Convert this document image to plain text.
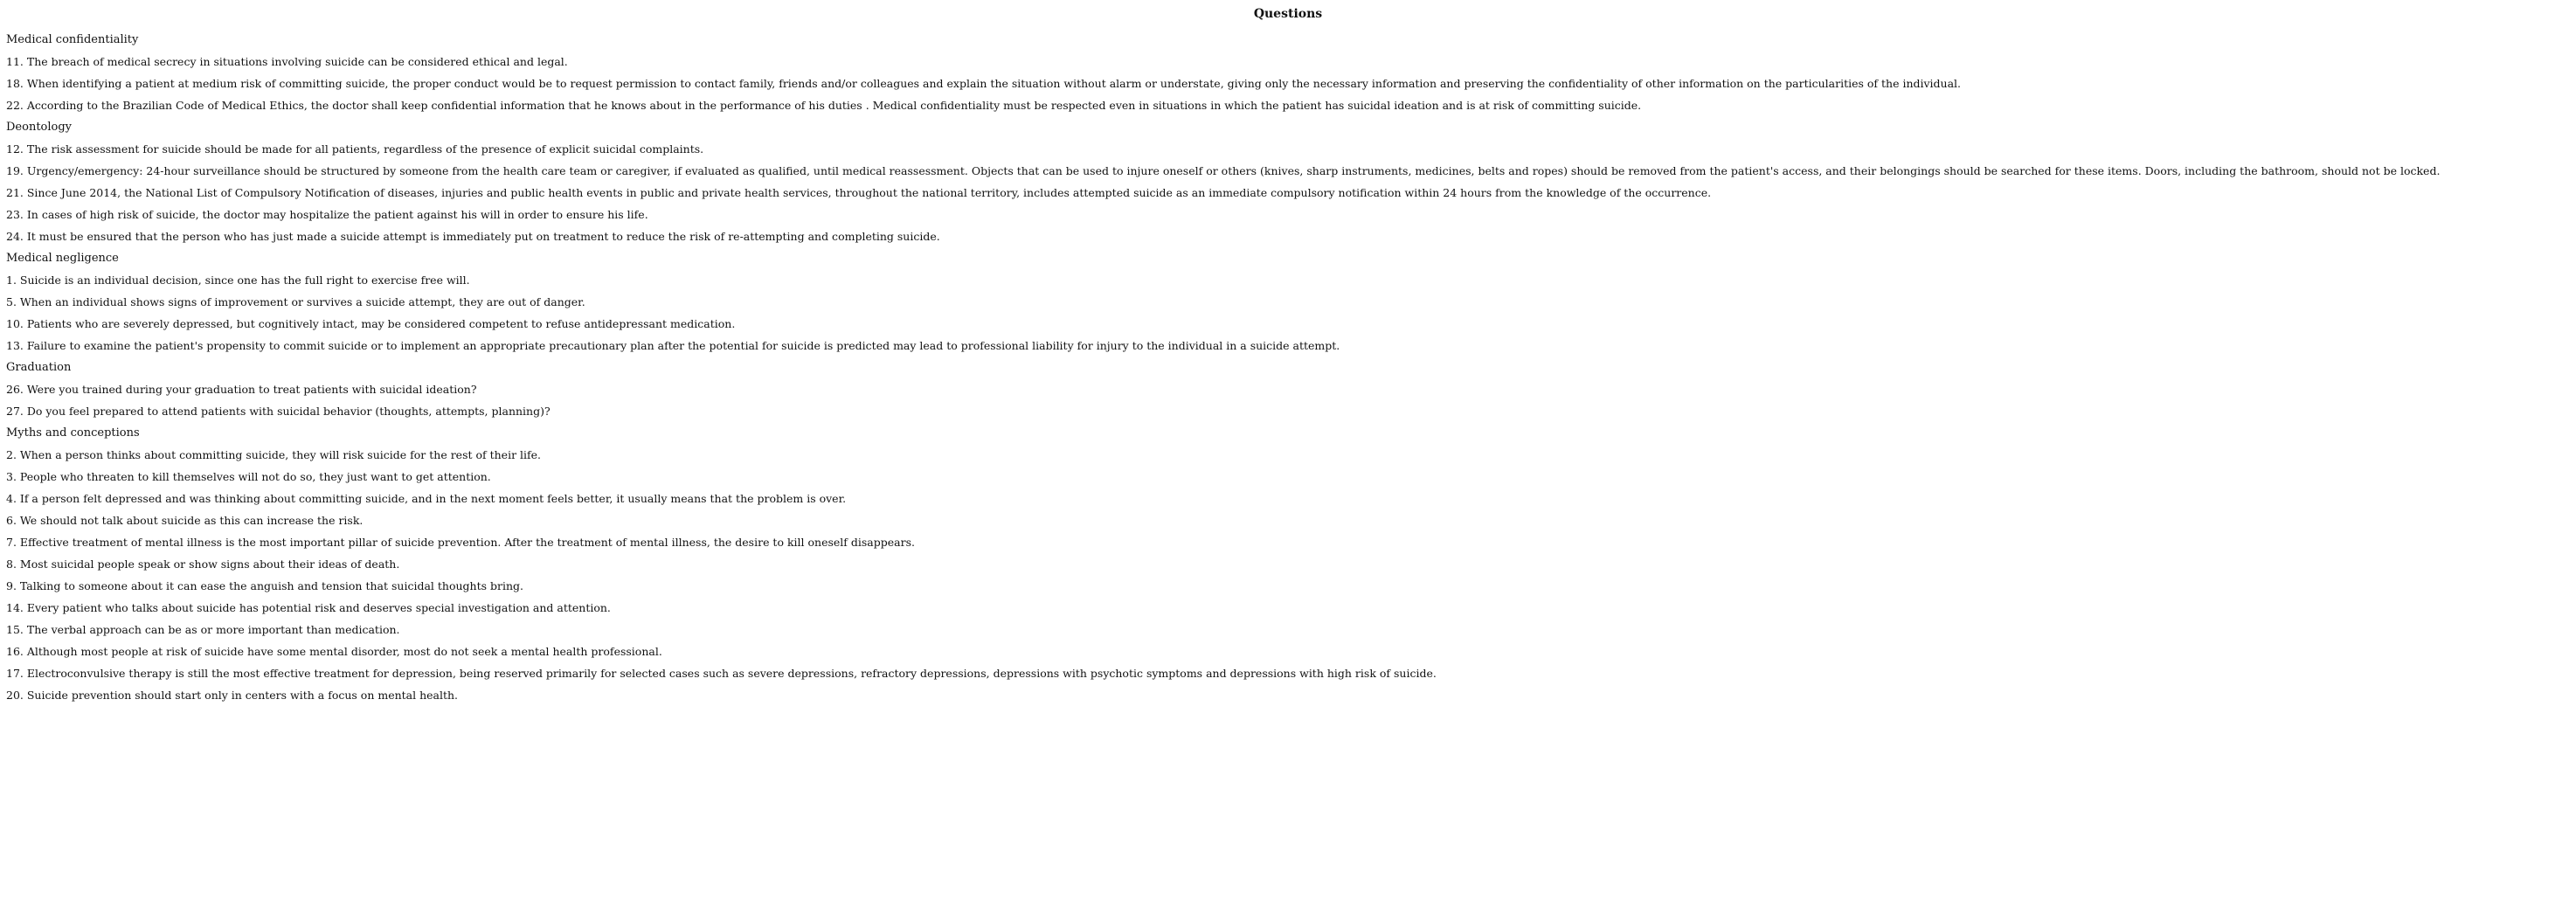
Questions
Medical confidentiality
11. The breach of medical secrecy in situations involving suicide can be considered ethical and legal.
18. When identifying a patient at medium risk of committing suicide, the proper conduct would be to request permission to contact family, friends and/or colleagues and explain the situation without alarm or understate, giving only the necessary information and preserving the confidentiality of other information on the particularities of the individual.
22. According to the Brazilian Code of Medical Ethics, the doctor shall keep confidential information that he knows about in the performance of his duties . Medical confidentiality must be respected even in situations in which the patient has suicidal ideation and is at risk of committing suicide.
Deontology
12. The risk assessment for suicide should be made for all patients, regardless of the presence of explicit suicidal complaints.
19. Urgency/emergency: 24-hour surveillance should be structured by someone from the health care team or caregiver, if evaluated as qualified, until medical reassessment. Objects that can be used to injure oneself or others (knives, sharp instruments, medicines, belts and ropes) should be removed from the patient's access, and their belongings should be searched for these items. Doors, including the bathroom, should not be locked.
21. Since June 2014, the National List of Compulsory Notification of diseases, injuries and public health events in public and private health services, throughout the national territory, includes attempted suicide as an immediate compulsory notification within 24 hours from the knowledge of the occurrence.
23. In cases of high risk of suicide, the doctor may hospitalize the patient against his will in order to ensure his life.
24. It must be ensured that the person who has just made a suicide attempt is immediately put on treatment to reduce the risk of re-attempting and completing suicide.
Medical negligence
1. Suicide is an individual decision, since one has the full right to exercise free will.
5. When an individual shows signs of improvement or survives a suicide attempt, they are out of danger.
10. Patients who are severely depressed, but cognitively intact, may be considered competent to refuse antidepressant medication.
13. Failure to examine the patient's propensity to commit suicide or to implement an appropriate precautionary plan after the potential for suicide is predicted may lead to professional liability for injury to the individual in a suicide attempt.
Graduation
26. Were you trained during your graduation to treat patients with suicidal ideation?
27. Do you feel prepared to attend patients with suicidal behavior (thoughts, attempts, planning)?
Myths and conceptions
2. When a person thinks about committing suicide, they will risk suicide for the rest of their life.
3. People who threaten to kill themselves will not do so, they just want to get attention.
4. If a person felt depressed and was thinking about committing suicide, and in the next moment feels better, it usually means that the problem is over.
6. We should not talk about suicide as this can increase the risk.
7. Effective treatment of mental illness is the most important pillar of suicide prevention. After the treatment of mental illness, the desire to kill oneself disappears.
8. Most suicidal people speak or show signs about their ideas of death.
9. Talking to someone about it can ease the anguish and tension that suicidal thoughts bring.
14. Every patient who talks about suicide has potential risk and deserves special investigation and attention.
15. The verbal approach can be as or more important than medication.
16. Although most people at risk of suicide have some mental disorder, most do not seek a mental health professional.
17. Electroconvulsive therapy is still the most effective treatment for depression, being reserved primarily for selected cases such as severe depressions, refractory depressions, depressions with psychotic symptoms and depressions with high risk of suicide.
20. Suicide prevention should start only in centers with a focus on mental health.
